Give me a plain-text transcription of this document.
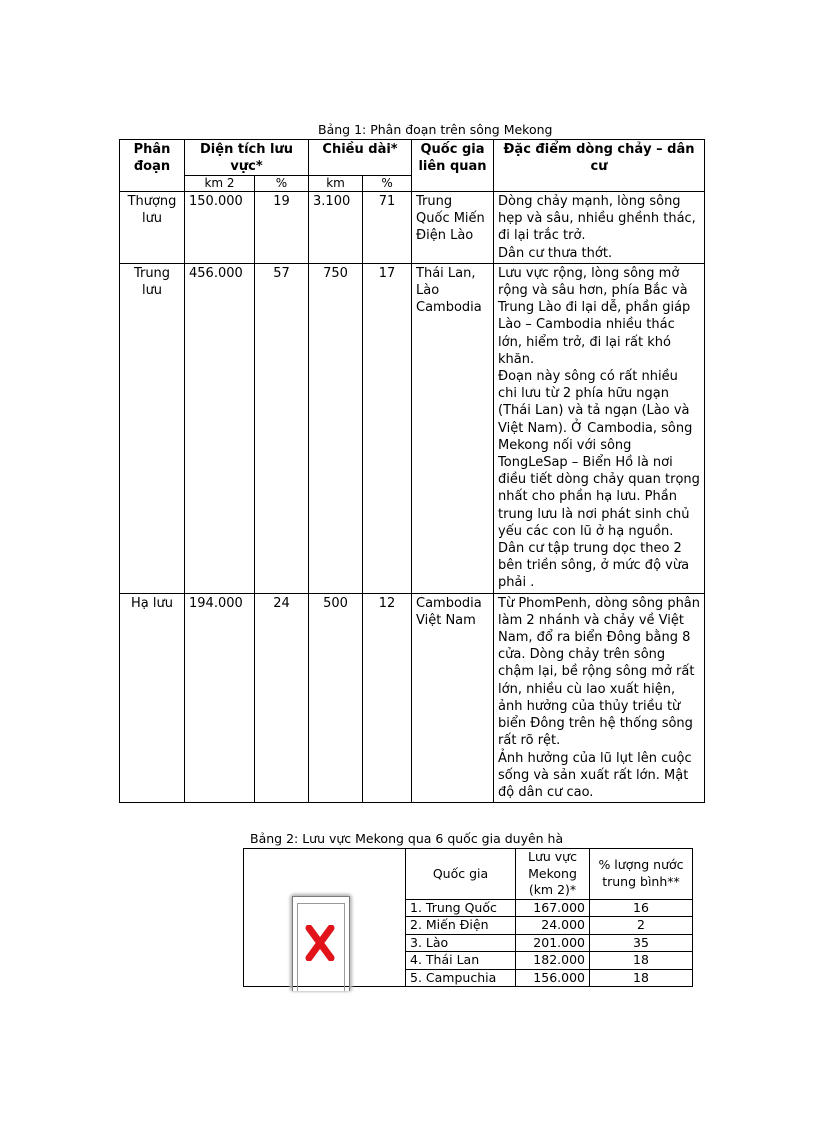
Bảng 1: Phân đoạn trên sông Mekong
Phân đoạn	Diện tích lưu vực*		Chiều dài*		Quốc gia liên quan	Đặc điểm dòng chảy – dân cư
	km 2	%	km	%		
Thượng lưu	150.000	19	3.100	71	Trung Quốc Miến Điện Lào	Dòng chảy mạnh, lòng sông hẹp và sâu, nhiều ghềnh thác, đi lại trắc trở.
Dân cư thưa thớt.

Trung lưu	456.000	57	750	17	Thái Lan, Lào Cambodia	Lưu vực rộng, lòng sông mở rộng và sâu hơn, phía Bắc và Trung Lào đi lại dễ, phần giáp Lào – Cambodia nhiều thác lớn, hiểm trở, đi lại rất khó khăn.
Đoạn này sông có rất nhiều chi lưu từ 2 phía hữu ngạn (Thái Lan) và tả ngạn (Lào và Việt Nam). Ở Cambodia, sông Mekong nối với sông TongLeSap – Biển Hồ là nơi điều tiết dòng chảy quan trọng nhất cho phần hạ lưu. Phần trung lưu là nơi phát sinh chủ yếu các con lũ ở hạ nguồn.
Dân cư tập trung dọc theo 2 bên triền sông, ở mức độ vừa phải .

Hạ lưu	194.000	24	500	12	Cambodia Việt Nam	Từ PhomPenh, dòng sông phân làm 2 nhánh và chảy về Việt Nam, đổ ra biển Đông bằng 8 cửa. Dòng chảy trên sông chậm lại, bề rộng sông mở rất lớn, nhiều cù lao xuất hiện, ảnh hưởng của thủy triều từ biển Đông trên hệ thống sông rất rõ rệt.
Ảnh hưởng của lũ lụt lên cuộc sống và sản xuất rất lớn. Mật độ dân cư cao.
Bảng 2: Lưu vực Mekong qua 6 quốc gia duyên hà
	Quốc gia	Lưu vực Mekong (km 2)*	% lượng nước trung bình**
	1. Trung Quốc	167.000	16
	2. Miến Điện	24.000	2
	3. Lào	201.000	35
	4. Thái Lan	182.000	18
	5. Campuchia	156.000	18
